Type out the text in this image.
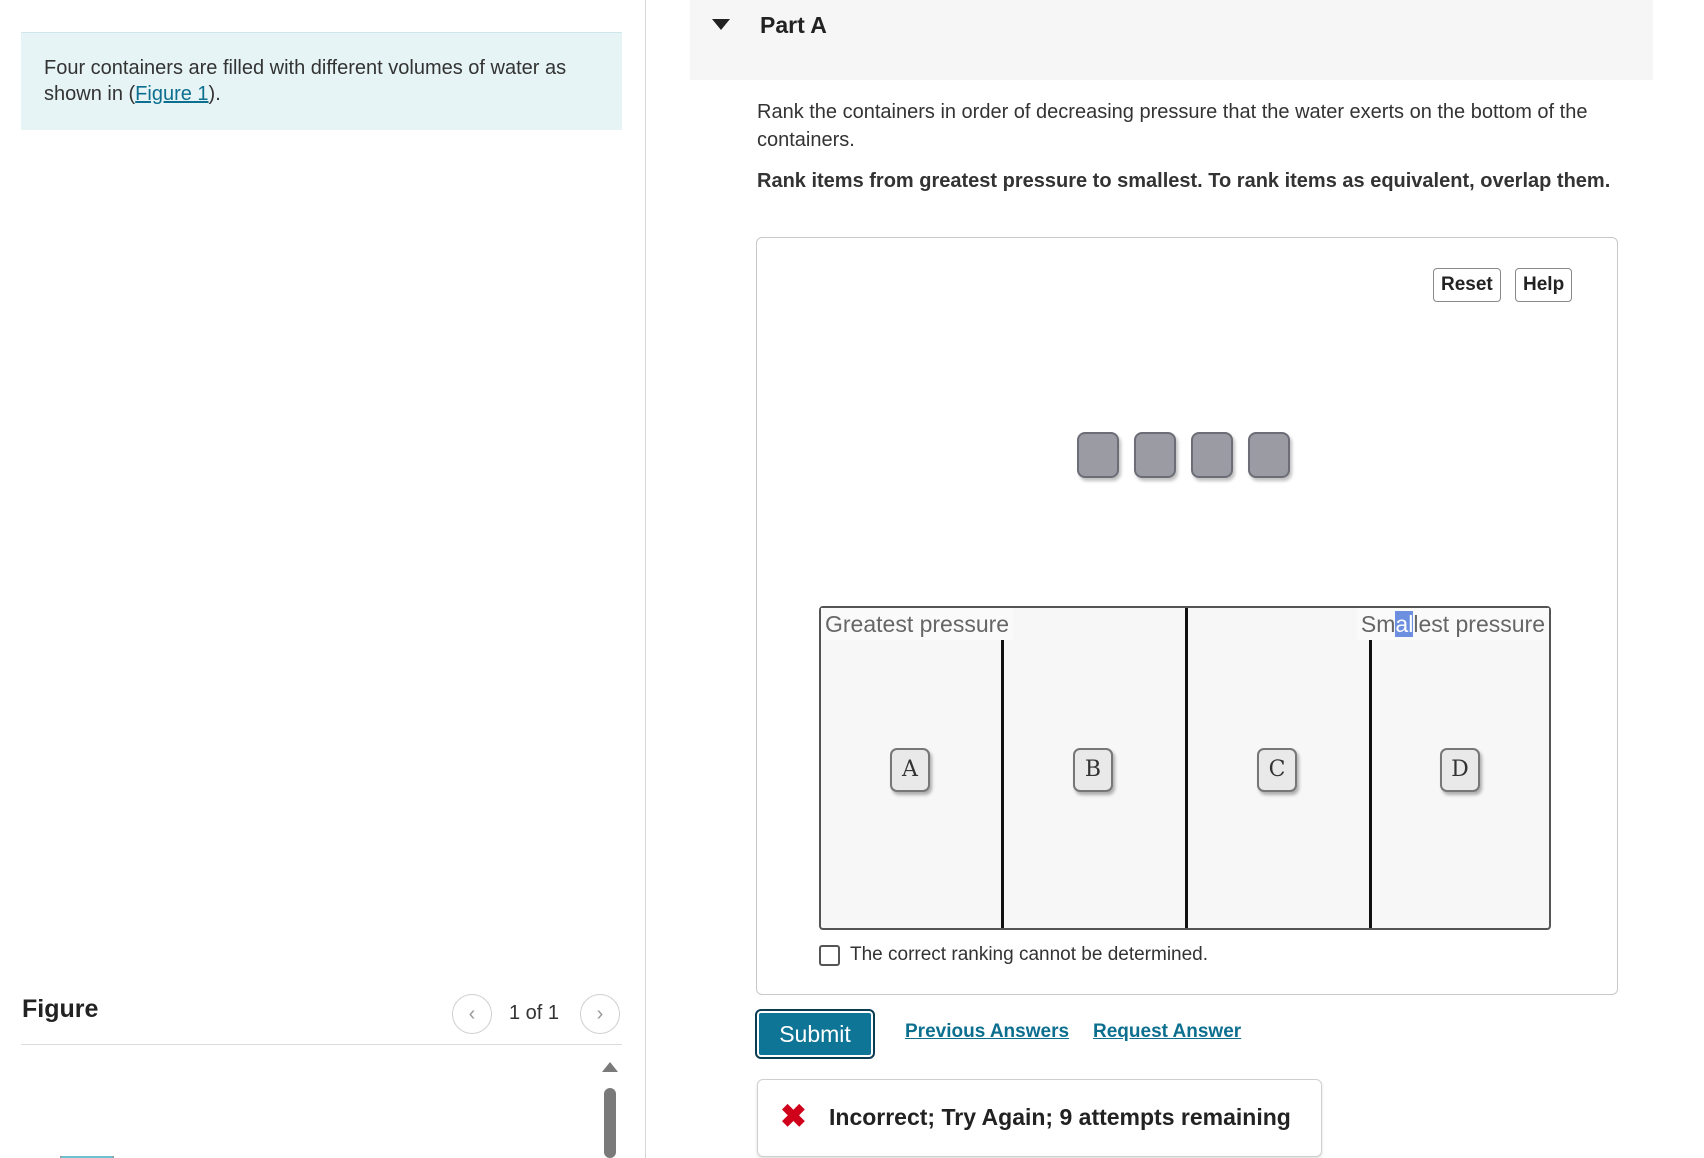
Four containers are filled with different volumes of water as shown in (Figure 1).
Figure	‹ 1 of 1 ›
Part A
Rank the containers in order of decreasing pressure that the water exerts on the bottom of the containers.
Rank items from greatest pressure to smallest. To rank items as equivalent, overlap them.
Reset	Help
Greatest pressure	Smallest pressure
A	B	C	D
The correct ranking cannot be determined.
Submit	Previous Answers Request Answer
✖ Incorrect; Try Again; 9 attempts remaining
